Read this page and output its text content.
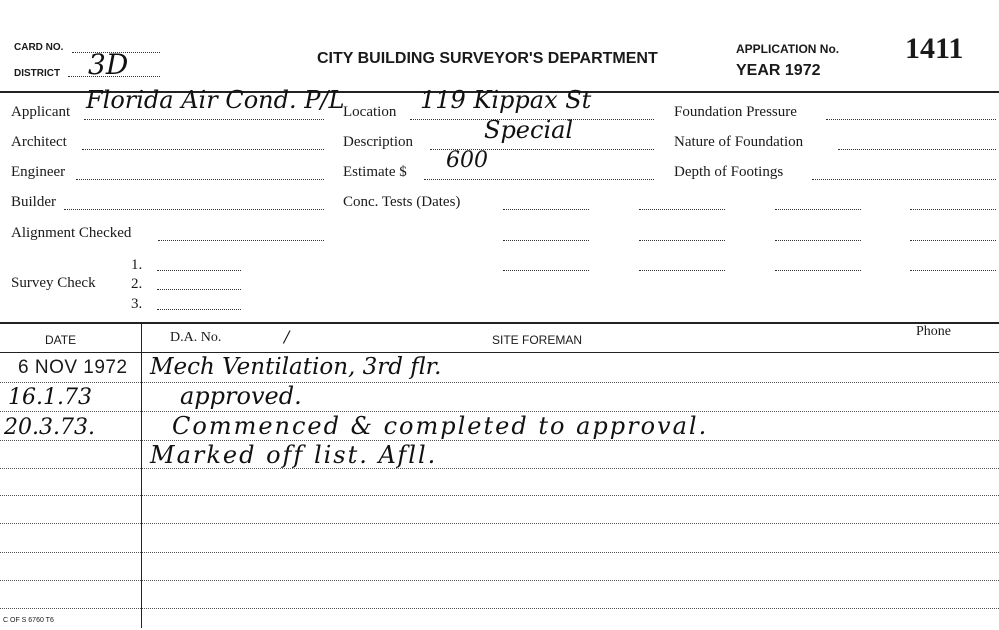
CARD NO.
DISTRICT 3D	CITY BUILDING SURVEYOR'S DEPARTMENT
APPLICATION No. 1411
YEAR 1972
Applicant Florida Air Cond. P/L
Architect
Engineer
Builder
Alignment Checked
Survey Check
1.
2.
3.
Location 119 Kippax St
Description	Special
Estimate $ 600
Conc. Tests (Dates)
Foundation Pressure
Nature of Foundation
Depth of Footings
DATE	D.A. No.	/	SITE FOREMAN
Phone
6 NOV 1972 Mech Ventilation, 3rd flr.
16.1.73	approved.
20.3.73.	Commenced & completed to approval.
Marked off list. Afll.
C OF S 6760 T6
